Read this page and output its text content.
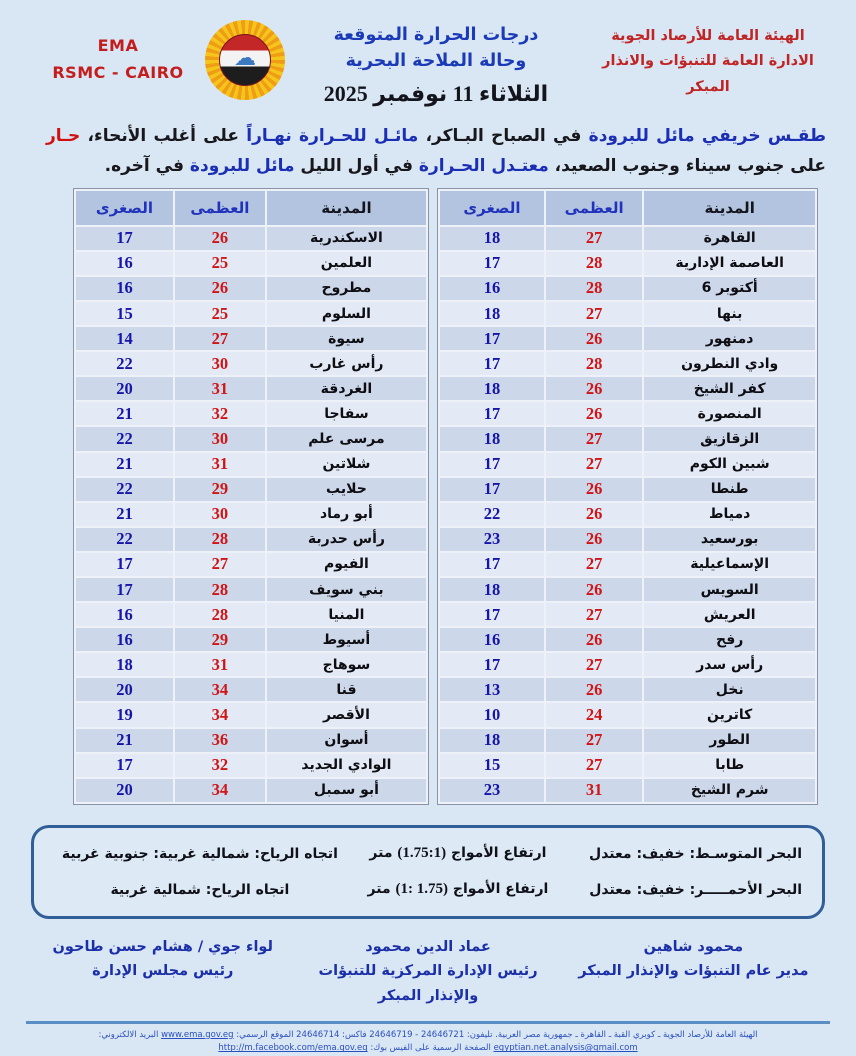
الهيئة العامة للأرصاد الجوية
الادارة العامة للتنبؤات والانذار المبكر
درجات الحرارة المتوقعة وحالة الملاحة البحرية
الثلاثاء 11 نوفمبر 2025
☁
EMA
RSMC - CAIRO
طقـس خريفي مائل للبرودة في الصباح البـاكر، مائـل للحـرارة نهـاراً على أغلب الأنحاء، حـار على جنوب سيناء وجنوب الصعيد، معتـدل الحـرارة في أول الليل مائل للبرودة في آخره.
المدينة	العظمى	الصغرى
القاهرة	27	18
العاصمة الإدارية	28	17
6 أكتوبر	28	16
بنها	27	18
دمنهور	26	17
وادي النطرون	28	17
كفر الشيخ	26	18
المنصورة	26	17
الزقازيق	27	18
شبين الكوم	27	17
طنطا	26	17
دمياط	26	22
بورسعيد	26	23
الإسماعيلية	27	17
السويس	26	18
العريش	27	17
رفح	26	16
رأس سدر	27	17
نخل	26	13
كاترين	24	10
الطور	27	18
طابا	27	15
شرم الشيخ	31	23
المدينة	العظمى	الصغرى
الاسكندرية	26	17
العلمين	25	16
مطروح	26	16
السلوم	25	15
سيوة	27	14
رأس غارب	30	22
الغردقة	31	20
سفاجا	32	21
مرسى علم	30	22
شلاتين	31	21
حلايب	29	22
أبو رماد	30	21
رأس حدربة	28	22
الفيوم	27	17
بني سويف	28	17
المنيا	28	16
أسيوط	29	16
سوهاج	31	18
قنا	34	20
الأقصر	34	19
أسوان	36	21
الوادي الجديد	32	17
أبو سمبل	34	20
البحر المتوسـط: خفيف: معتدل
ارتفاع الأمواج (1.75:1) متر
اتجاه الرياح: شمالية غربية: جنوبية غربية
البحر الأحمـــــر: خفيف: معتدل
ارتفاع الأمواج (1: 1.75) متر
اتجاه الرياح: شمالية غربية
محمود شاهين
مدير عام التنبؤات والإنذار المبكر
عماد الدين محمود
رئيس الإدارة المركزية للتنبؤات والإنذار المبكر
لواء جوي / هشام حسن طاحون
رئيس مجلس الإدارة
الهيئة العامة للأرصاد الجوية ـ كوبري القبة ـ القاهرة ـ جمهورية مصر العربية. تليفون: 24646721 - 24646719 فاكس: 24646714 الموقع الرسمي: www.ema.gov.eg البريد الالكتروني: egyptian.net.analysis@gmail.com الصفحة الرسمية على الفيس بوك: http://m.facebook.com/ema.gov.eg
